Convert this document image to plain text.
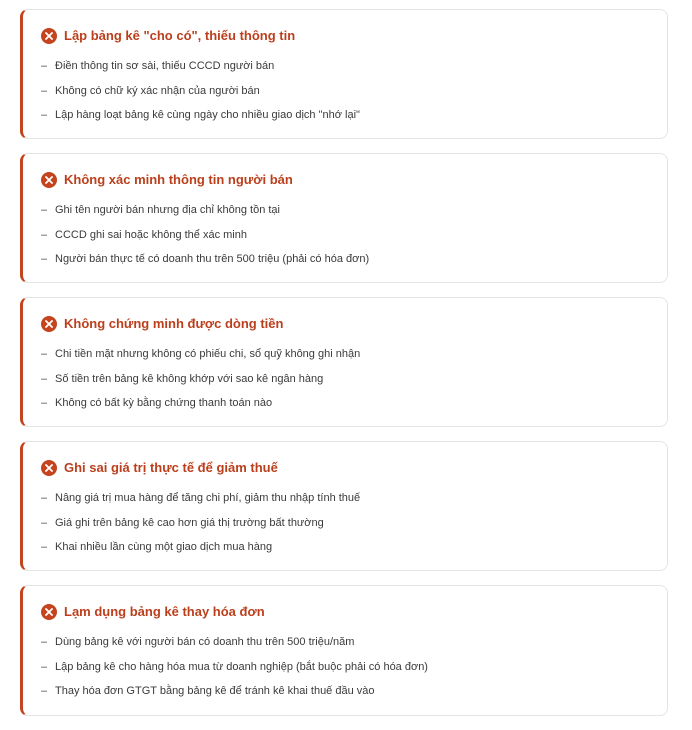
Lập bảng kê "cho có", thiếu thông tin
– Điền thông tin sơ sài, thiếu CCCD người bán
– Không có chữ ký xác nhận của người bán
– Lập hàng loạt bảng kê cùng ngày cho nhiều giao dịch "nhớ lại"
Không xác minh thông tin người bán
– Ghi tên người bán nhưng địa chỉ không tồn tại
– CCCD ghi sai hoặc không thể xác minh
– Người bán thực tế có doanh thu trên 500 triệu (phải có hóa đơn)
Không chứng minh được dòng tiền
– Chi tiền mặt nhưng không có phiếu chi, sổ quỹ không ghi nhận
– Số tiền trên bảng kê không khớp với sao kê ngân hàng
– Không có bất kỳ bằng chứng thanh toán nào
Ghi sai giá trị thực tế để giảm thuế
– Nâng giá trị mua hàng để tăng chi phí, giảm thu nhập tính thuế
– Giá ghi trên bảng kê cao hơn giá thị trường bất thường
– Khai nhiều lần cùng một giao dịch mua hàng
Lạm dụng bảng kê thay hóa đơn
– Dùng bảng kê với người bán có doanh thu trên 500 triệu/năm
– Lập bảng kê cho hàng hóa mua từ doanh nghiệp (bắt buộc phải có hóa đơn)
– Thay hóa đơn GTGT bằng bảng kê để tránh kê khai thuế đầu vào
